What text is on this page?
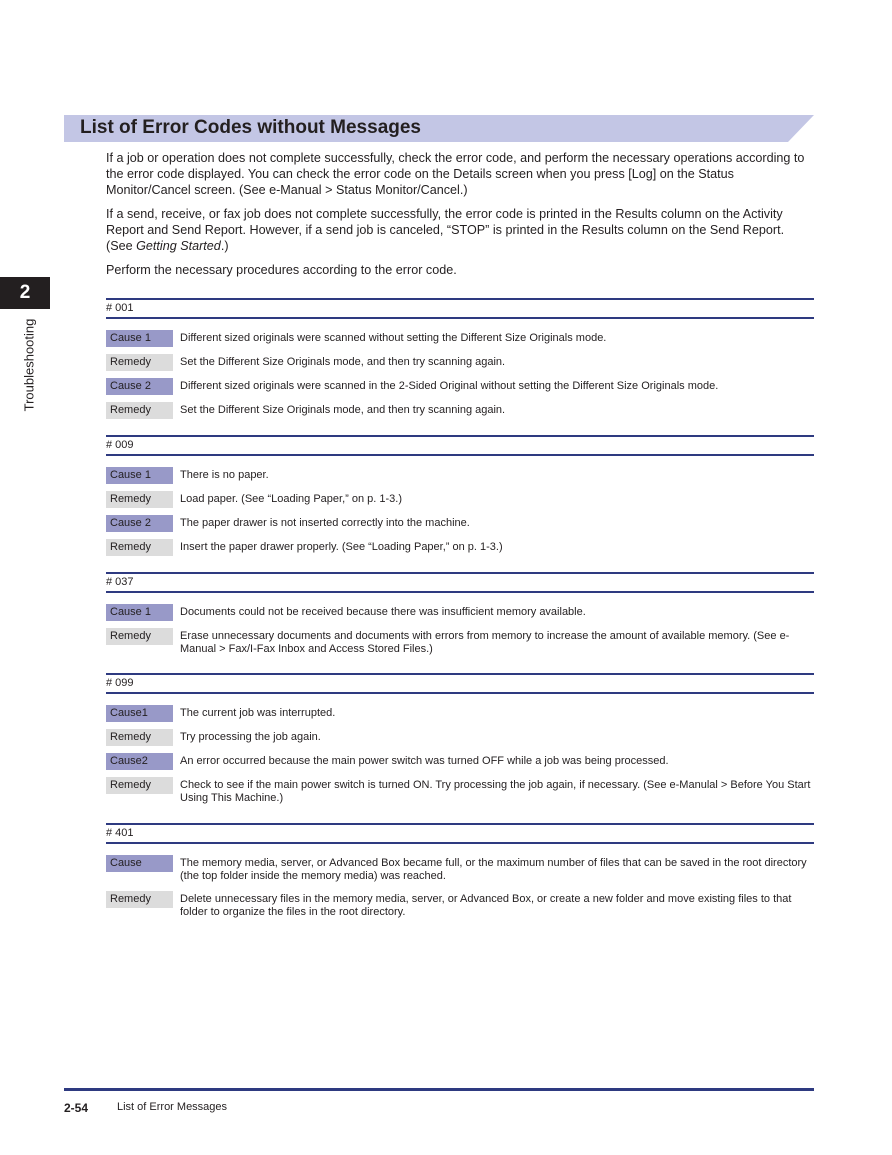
List of Error Codes without Messages

If a job or operation does not complete successfully, check the error code, and perform the necessary operations according to the error code displayed. You can check the error code on the Details screen when you press [Log] on the Status Monitor/Cancel screen. (See e-Manual > Status Monitor/Cancel.)

If a send, receive, or fax job does not complete successfully, the error code is printed in the Results column on the Activity Report and Send Report. However, if a send job is canceled, “STOP” is printed in the Results column on the Send Report. (See Getting Started.)

Perform the necessary procedures according to the error code.

2
Troubleshooting
# 001
Cause 1	Different sized originals were scanned without setting the Different Size Originals mode.
Remedy	Set the Different Size Originals mode, and then try scanning again.
Cause 2	Different sized originals were scanned in the 2-Sided Original without setting the Different Size Originals mode.
Remedy	Set the Different Size Originals mode, and then try scanning again.
# 009
Cause 1	There is no paper.
Remedy	Load paper. (See “Loading Paper,” on p. 1-3.)
Cause 2	The paper drawer is not inserted correctly into the machine.
Remedy	Insert the paper drawer properly. (See “Loading Paper,” on p. 1-3.)
# 037
Cause 1	Documents could not be received because there was insufficient memory available.
Remedy	Erase unnecessary documents and documents with errors from memory to increase the amount of available memory. (See e-Manual > Fax/I-Fax Inbox and Access Stored Files.)
# 099
Cause1	The current job was interrupted.
Remedy	Try processing the job again.
Cause2	An error occurred because the main power switch was turned OFF while a job was being processed.
Remedy	Check to see if the main power switch is turned ON. Try processing the job again, if necessary. (See e-Manulal > Before You Start Using This Machine.)
# 401
Cause	The memory media, server, or Advanced Box became full, or the maximum number of files that can be saved in the root directory (the top folder inside the memory media) was reached.
Remedy	Delete unnecessary files in the memory media, server, or Advanced Box, or create a new folder and move existing files to that folder to organize the files in the root directory.
2-54	List of Error Messages
